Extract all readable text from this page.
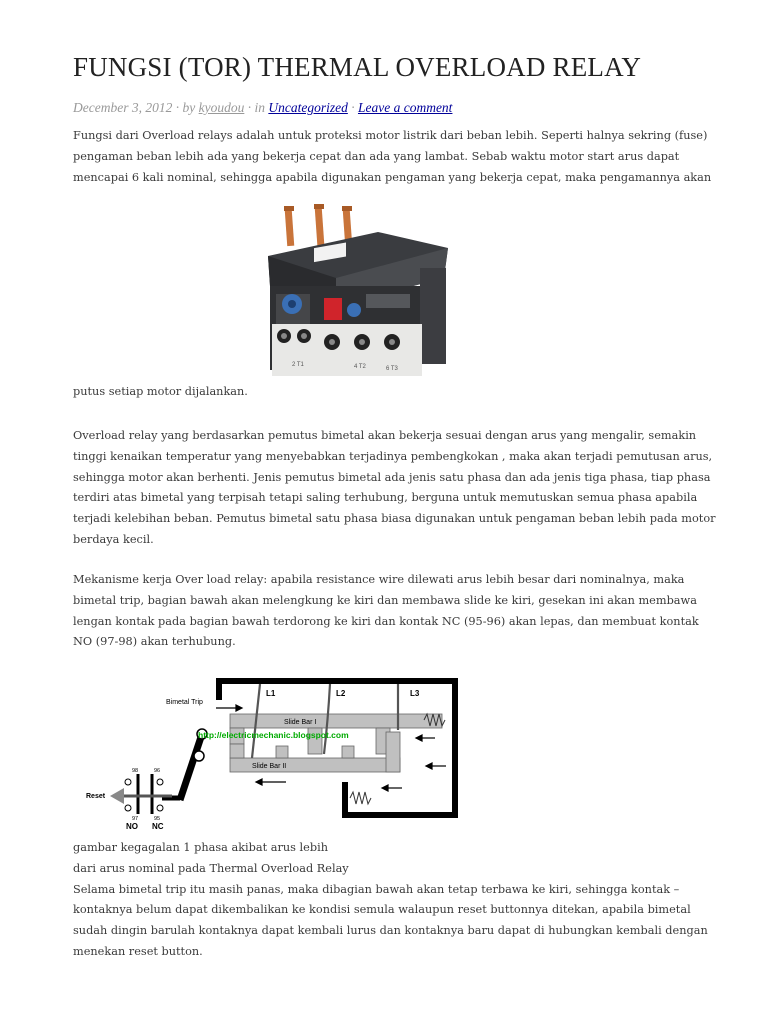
FUNGSI (TOR) THERMAL OVERLOAD RELAY
December 3, 2012 · by kyoudou · in Uncategorized · Leave a comment

Fungsi dari Overload relays adalah untuk proteksi motor listrik dari beban lebih. Seperti halnya sekring (fuse)
pengaman beban lebih ada yang bekerja cepat dan ada yang lambat. Sebab waktu motor start arus dapat
mencapai 6 kali nominal, sehingga apabila digunakan pengaman yang bekerja cepat, maka pengamannya akan

2 T1	4 T2	6 T3

putus setiap motor dijalankan.

Overload relay yang berdasarkan pemutus bimetal akan bekerja sesuai dengan arus yang mengalir, semakin
tinggi kenaikan temperatur yang menyebabkan terjadinya pembengkokan , maka akan terjadi pemutusan arus,
sehingga motor akan berhenti. Jenis pemutus bimetal ada jenis satu phasa dan ada jenis tiga phasa, tiap phasa
terdiri atas bimetal yang terpisah tetapi saling terhubung, berguna untuk memutuskan semua phasa apabila
terjadi kelebihan beban. Pemutus bimetal satu phasa biasa digunakan untuk pengaman beban lebih pada motor
berdaya kecil.

Mekanisme kerja Over load relay: apabila resistance wire dilewati arus lebih besar dari nominalnya, maka
bimetal trip, bagian bawah akan melengkung ke kiri dan membawa slide ke kiri, gesekan ini akan membawa
lengan kontak pada bagian bawah terdorong ke kiri dan kontak NC (95-96) akan lepas, dan membuat kontak
NO (97-98) akan terhubung.

Bimetal Trip
L1	L2	L3
Slide Bar I
Slide Bar II
http://electricmechanic.blogspot.com
Reset
98	96
97	95
NO NC

gambar kegagalan 1 phasa akibat arus lebih
dari arus nominal pada Thermal Overload Relay
Selama bimetal trip itu masih panas, maka dibagian bawah akan tetap terbawa ke kiri, sehingga kontak –
kontaknya belum dapat dikembalikan ke kondisi semula walaupun reset buttonnya ditekan, apabila bimetal
sudah dingin barulah kontaknya dapat kembali lurus dan kontaknya baru dapat di hubungkan kembali dengan
menekan reset button.
